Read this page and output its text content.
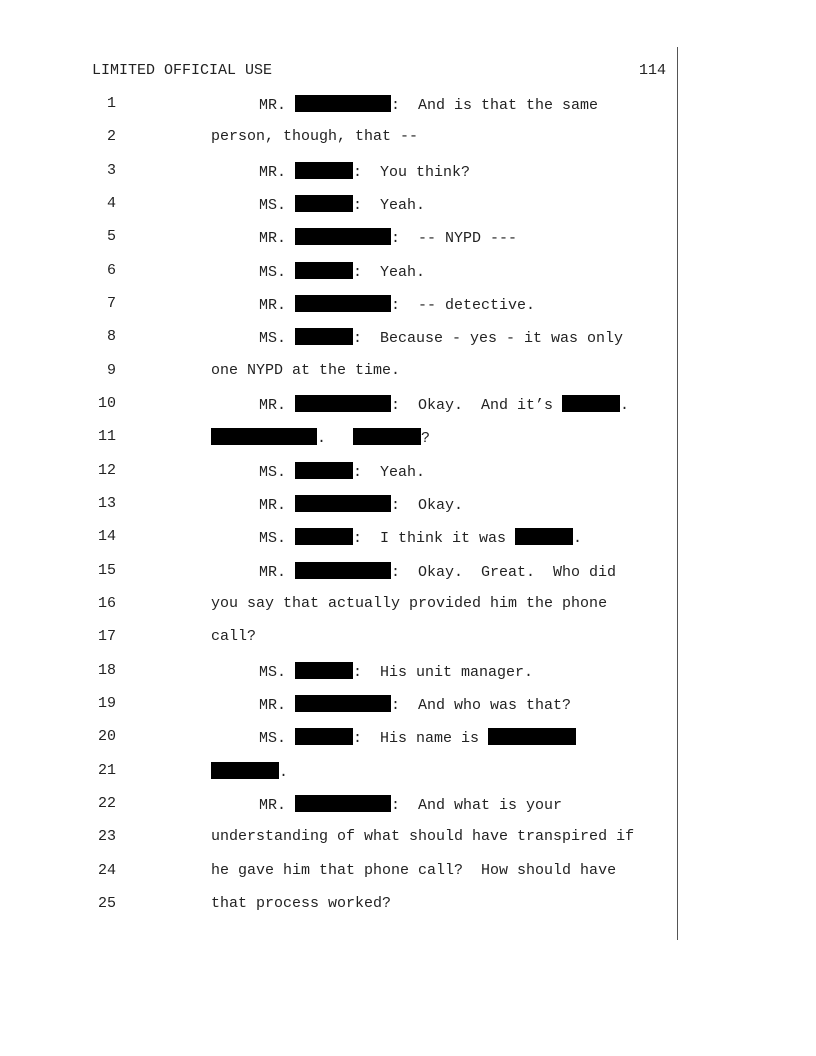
LIMITED OFFICIAL USE	114

1

	MR.	:  And is that the same

2

	person, though, that --

3

	MR.	:  You think?

4

	MS.	:  Yeah.

5

	MR.	:  -- NYPD ---

6

	MS.	:  Yeah.

7

	MR.	:  -- detective.

8

	MS.	:  Because - yes - it was only

9

	one NYPD at the time.

10

	MR.	:  Okay.  And it’s	.

11

	.	?

12

	MS.	:  Yeah.

13

	MR.	:  Okay.

14

	MS.	:  I think it was	.

15

	MR.	:  Okay.  Great.  Who did

16

	you say that actually provided him the phone

17

	call?

18

	MS.	:  His unit manager.

19

	MR.	:  And who was that?

20

	MS.	:  His name is

21

	.

22

	MR.	:  And what is your

23

	understanding of what should have transpired if

24

	he gave him that phone call?  How should have

25

	that process worked?
